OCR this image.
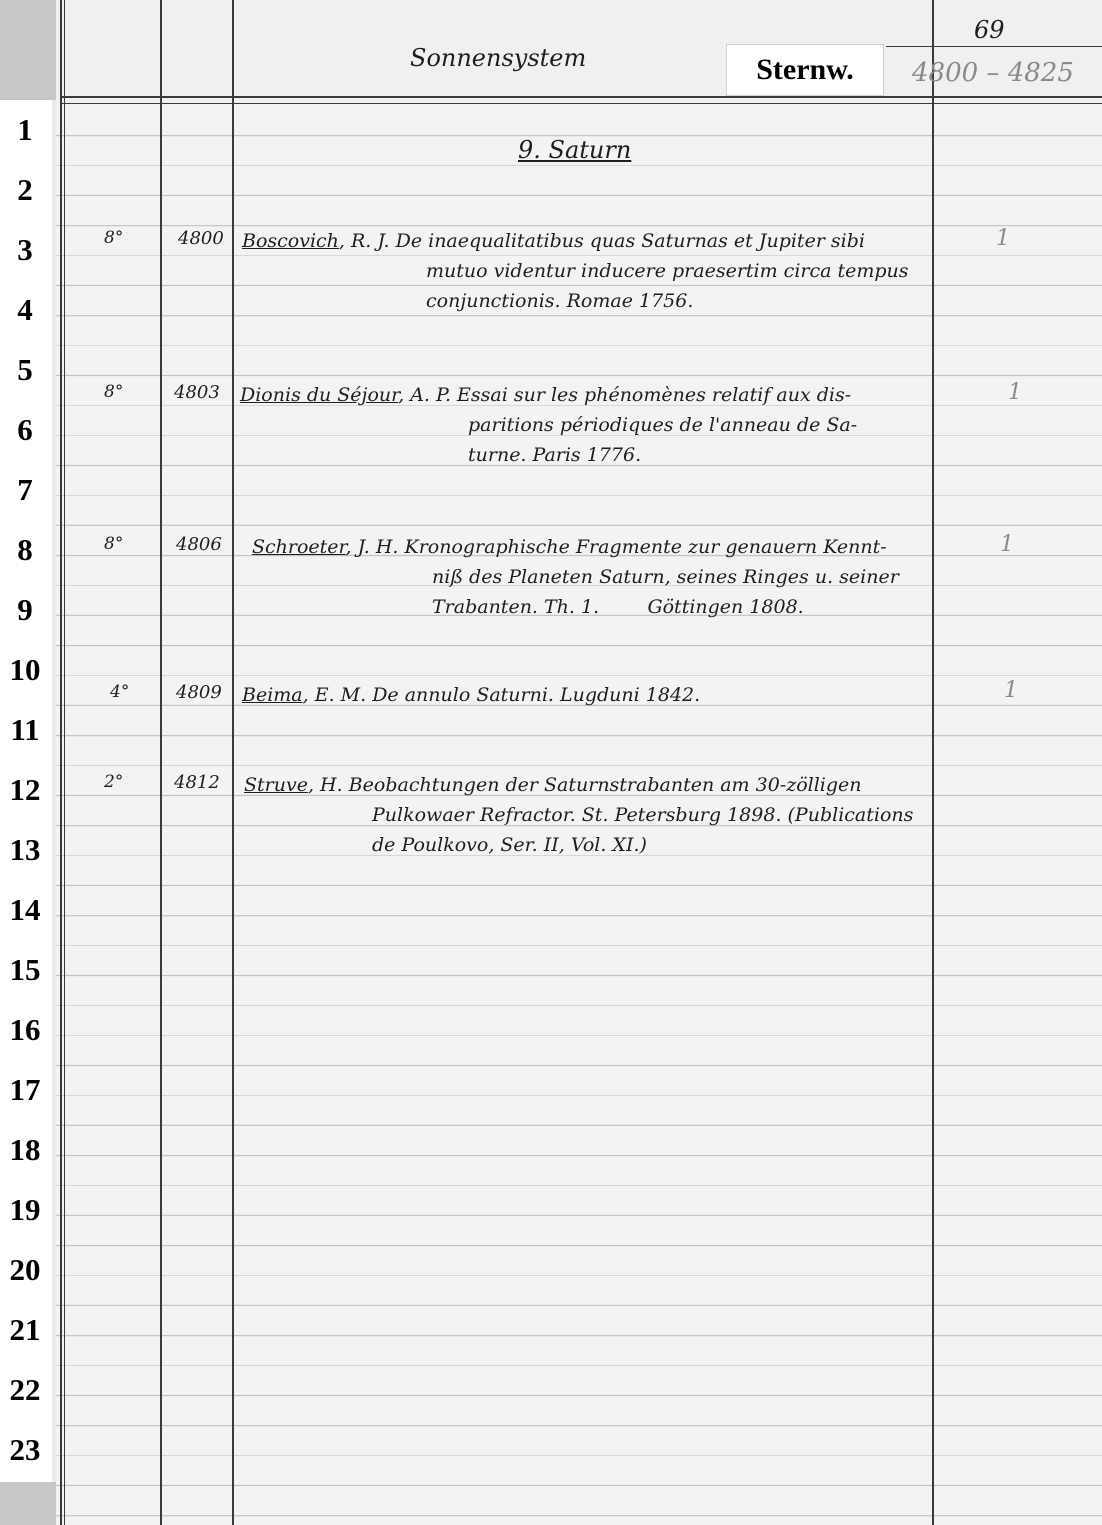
1
2
3
4
5
6
7
8
9
10
11
12
13
14
15
16
17
18
19
20
21
22
23
Sonnensystem	Sternw.
69
4800 – 4825
9. Saturn
8°	4800 Boscovich, R. J. De inaequalitatibus quas Saturnas et Jupiter sibi
mutuo videntur inducere praesertim circa tempus
conjunctionis. Romae 1756.
1
8°	4803 Dionis du Séjour, A. P. Essai sur les phénomènes relatif aux dis-
paritions périodiques de l'anneau de Sa-
turne. Paris 1776.
1
8°	4806 Schroeter, J. H. Kronographische Fragmente zur genauern Kennt-
niß des Planeten Saturn, seines Ringes u. seiner
Trabanten. Th. 1.        Göttingen 1808.
1
4°	4809 Beima, E. M. De annulo Saturni. Lugduni 1842.	1
2°	4812 Struve, H. Beobachtungen der Saturnstrabanten am 30-zölligen
Pulkowaer Refractor. St. Petersburg 1898. (Publications
de Poulkovo, Ser. II, Vol. XI.)
